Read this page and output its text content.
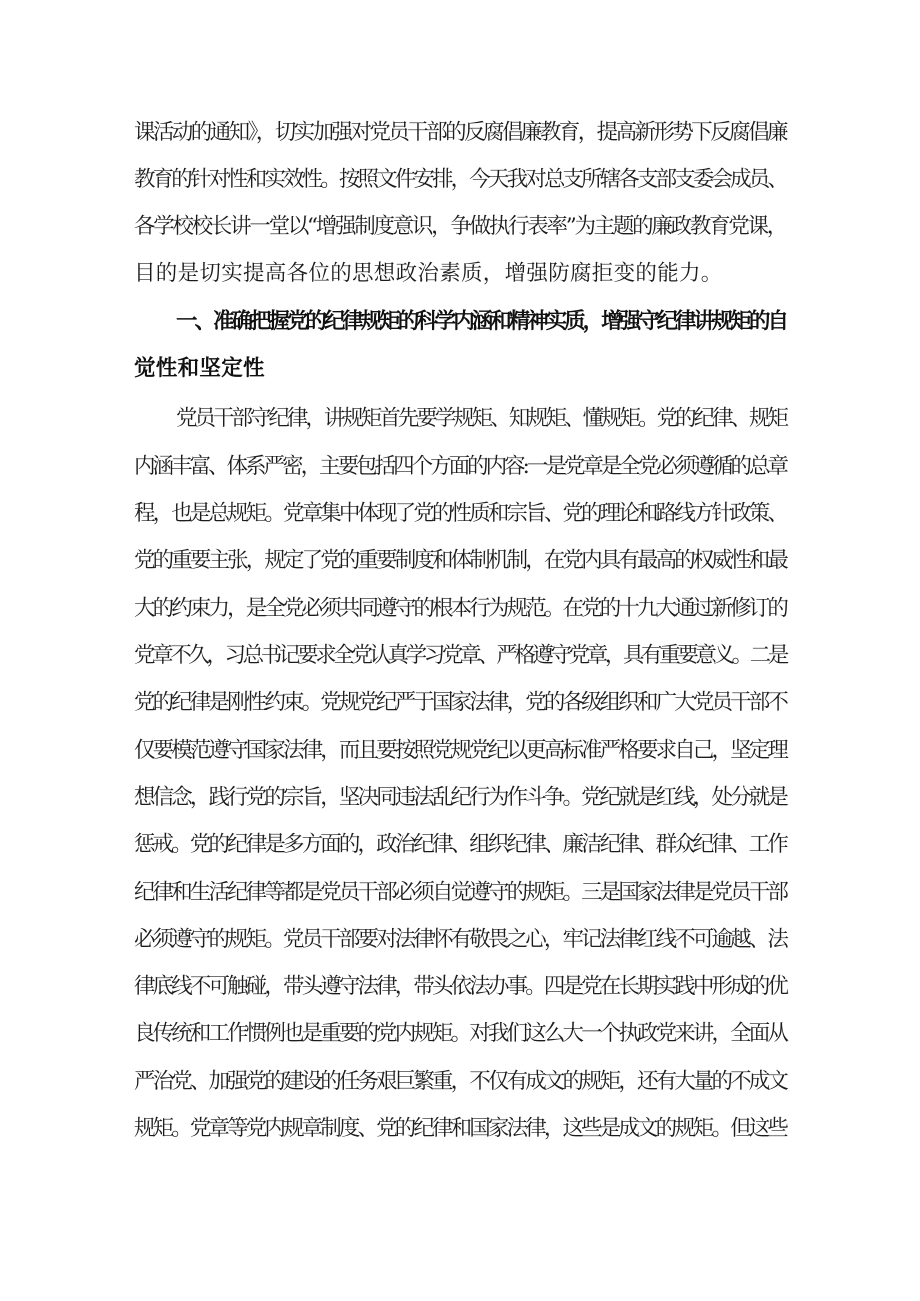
课活动的通知》，切实加强对党员干部的反腐倡廉教育，提高新形势下反腐倡廉
教育的针对性和实效性。按照文件安排，今天我对总支所辖各支部支委会成员、
各学校校长讲一堂以“增强制度意识，争做执行表率”为主题的廉政教育党课，
目的是切实提高各位的思想政治素质，增强防腐拒变的能力。
一、准确把握党的纪律规矩的科学内涵和精神实质，增强守纪律讲规矩的自
觉性和坚定性
党员干部守纪律，讲规矩首先要学规矩、知规矩、懂规矩。党的纪律、规矩
内涵丰富、体系严密，主要包括四个方面的内容:一是党章是全党必须遵循的总章
程，也是总规矩。党章集中体现了党的性质和宗旨、党的理论和路线方针政策、
党的重要主张，规定了党的重要制度和体制机制，在党内具有最高的权威性和最
大的约束力，是全党必须共同遵守的根本行为规范。在党的十九大通过新修订的
党章不久，习总书记要求全党认真学习党章、严格遵守党章，具有重要意义。二是
党的纪律是刚性约束。党规党纪严于国家法律，党的各级组织和广大党员干部不
仅要模范遵守国家法律，而且要按照党规党纪以更高标准严格要求自己，坚定理
想信念，践行党的宗旨，坚决同违法乱纪行为作斗争。党纪就是红线，处分就是
惩戒。党的纪律是多方面的，政治纪律、组织纪律、廉洁纪律、群众纪律、工作
纪律和生活纪律等都是党员干部必须自觉遵守的规矩。三是国家法律是党员干部
必须遵守的规矩。党员干部要对法律怀有敬畏之心，牢记法律红线不可逾越、法
律底线不可触碰，带头遵守法律，带头依法办事。四是党在长期实践中形成的优
良传统和工作惯例也是重要的党内规矩。对我们这么大一个执政党来讲，全面从
严治党、加强党的建设的任务艰巨繁重，不仅有成文的规矩，还有大量的不成文
规矩。党章等党内规章制度、党的纪律和国家法律，这些是成文的规矩。但这些
